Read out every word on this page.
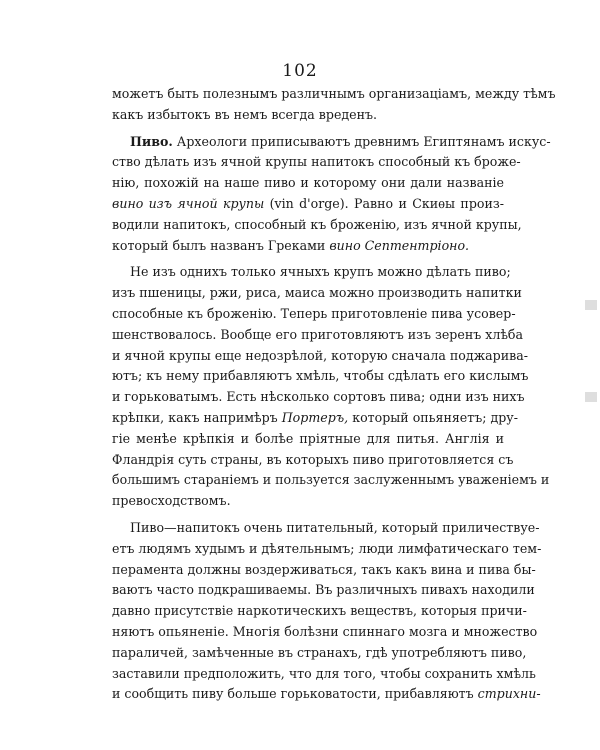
102
можетъ быть полезнымъ различнымъ организацiамъ, между тѣмъ
какъ избытокъ въ немъ всегда вреденъ.
Пиво. Археологи приписываютъ древнимъ Египтянамъ искус-
ство дѣлать изъ ячной крупы напитокъ способный къ броже-
нiю, похожiй на наше пиво и которому они дали названiе
вино изъ ячной крупы (vin d'orge). Равно и Скиѳы произ-
водили напитокъ, способный къ броженiю, изъ ячной крупы,
который былъ названъ Греками вино Септентрiоно.
Не изъ однихъ только ячныхъ крупъ можно дѣлать пиво;
изъ пшеницы, ржи, риса, маиса можно производить напитки
способные къ броженiю. Теперь приготовленiе пива усовер-
шенствовалось. Вообще его приготовляютъ изъ зеренъ хлѣба
и ячной крупы еще недозрѣлой, которую сначала поджарива-
ютъ; къ нему прибавляютъ хмѣль, чтобы сдѣлать его кислымъ
и горьковатымъ. Есть нѣсколько сортовъ пива; одни изъ нихъ
крѣпки, какъ напримѣръ Портеръ, который опьяняетъ; дру-
гiе менѣе крѣпкiя и болѣе прiятные для питья. Англiя и
Фландрiя суть страны, въ которыхъ пиво приготовляется съ
большимъ старанiемъ и пользуется заслуженнымъ уваженiемъ и
превосходствомъ.
Пиво—напитокъ очень питательный, который приличествуе-
етъ людямъ худымъ и дѣятельнымъ; люди лимфатическаго тем-
перамента должны воздерживаться, такъ какъ вина и пива бы-
ваютъ часто подкрашиваемы. Въ различныхъ пивахъ находили
давно присутствiе наркотическихъ веществъ, которыя причи-
няютъ опьяненiе. Многiя болѣзни спиннаго мозга и множество
параличей, замѣченные въ странахъ, гдѣ употребляютъ пиво,
заставили предположить, что для того, чтобы сохранить хмѣль
и сообщить пиву больше горьковатости, прибавляютъ стрихни-
